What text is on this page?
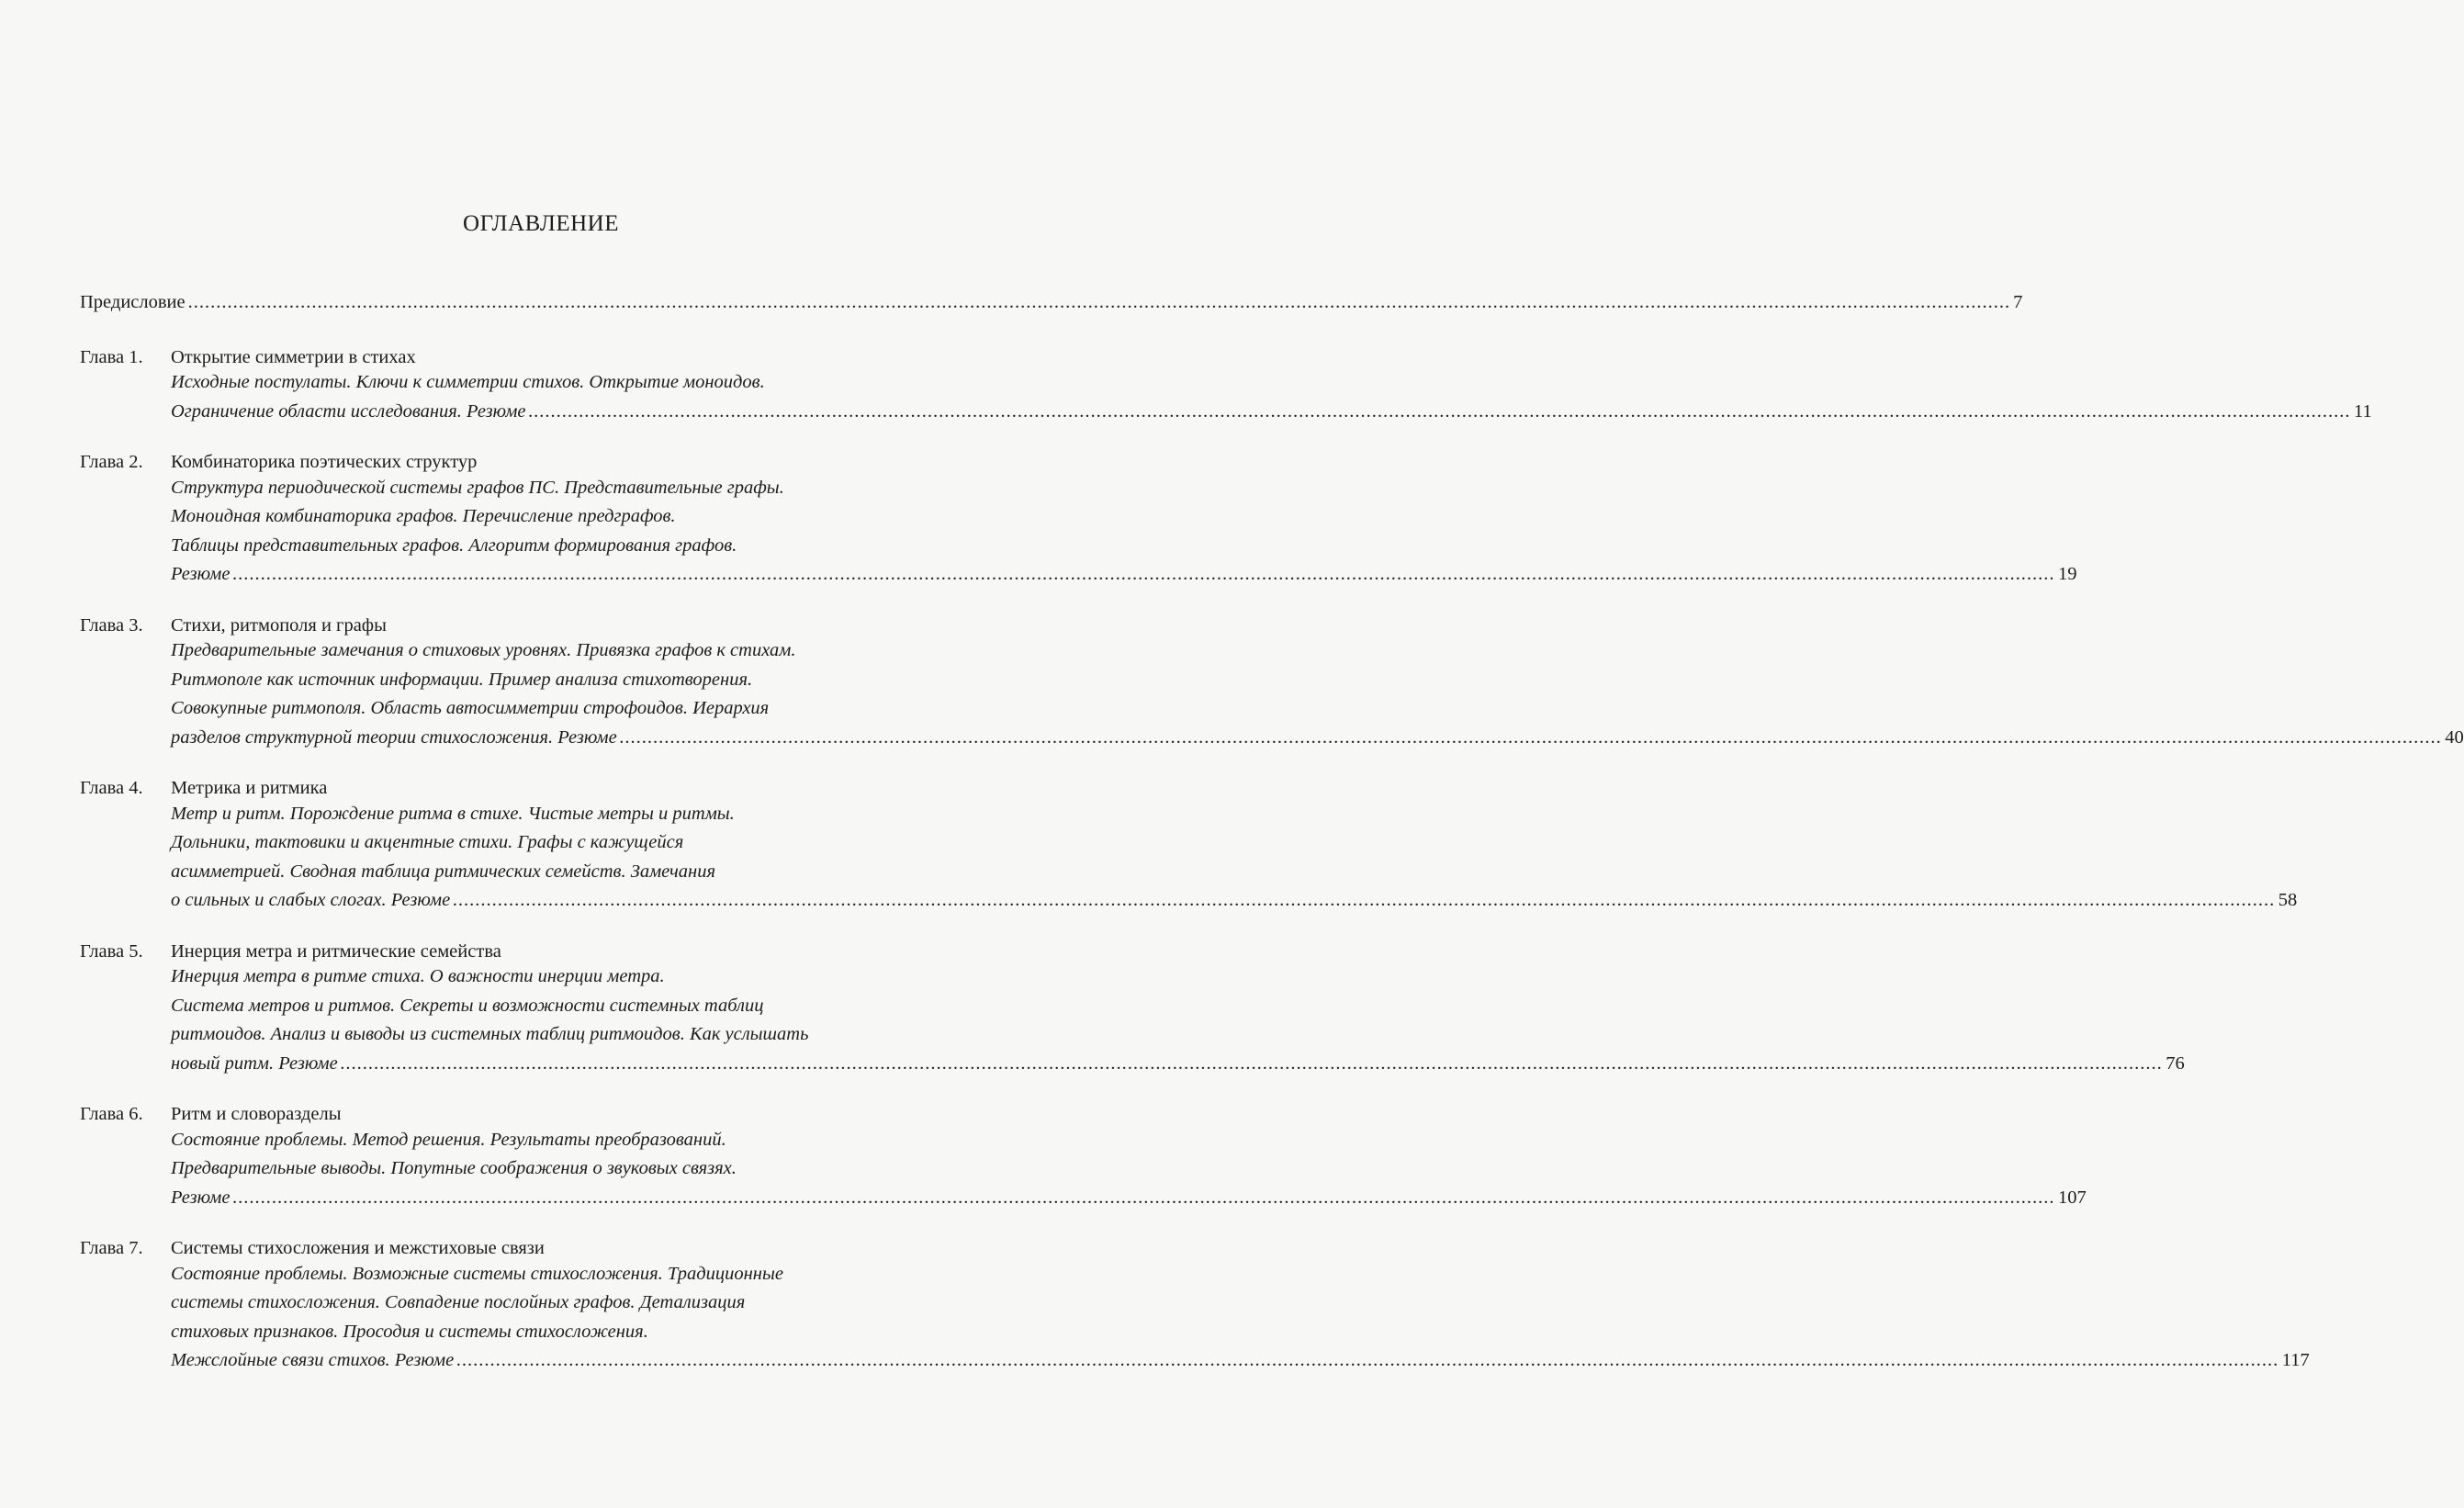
ОГЛАВЛЕНИЕ
Предисловие .....	7
Глава 1.	Открытие симметрии в стихах
Исходные постулаты. Ключи к симметрии стихов. Открытие моноидов.
Ограничение области исследования. Резюме .....	11
Глава 2.	Комбинаторика поэтических структур
Структура периодической системы графов ПС. Представительные графы.
Моноидная комбинаторика графов. Перечисление предграфов.
Таблицы представительных графов. Алгоритм формирования графов.
Резюме .....	19
Глава 3.	Стихи, ритмополя и графы
Предварительные замечания о стиховых уровнях. Привязка графов к стихам.
Ритмополе как источник информации. Пример анализа стихотворения.
Совокупные ритмополя. Область автосимметрии строфоидов. Иерархия
разделов структурной теории стихосложения. Резюме .....	40
Глава 4.	Метрика и ритмика
Метр и ритм. Порождение ритма в стихе. Чистые метры и ритмы.
Дольники, тактовики и акцентные стихи. Графы с кажущейся
асимметрией. Сводная таблица ритмических семейств. Замечания
о сильных и слабых слогах. Резюме .....	58
Глава 5.	Инерция метра и ритмические семейства
Инерция метра в ритме стиха. О важности инерции метра.
Система метров и ритмов. Секреты и возможности системных таблиц
ритмоидов. Анализ и выводы из системных таблиц ритмоидов. Как услышать
новый ритм. Резюме .....	76
Глава 6.	Ритм и словоразделы
Состояние проблемы. Метод решения. Результаты преобразований.
Предварительные выводы. Попутные соображения о звуковых связях.
Резюме .....	107
Глава 7.	Системы стихосложения и межстиховые связи
Состояние проблемы. Возможные системы стихосложения. Традиционные
системы стихосложения. Совпадение послойных графов. Детализация
стиховых признаков. Просодия и системы стихосложения.
Межслойные связи стихов. Резюме .....	117
